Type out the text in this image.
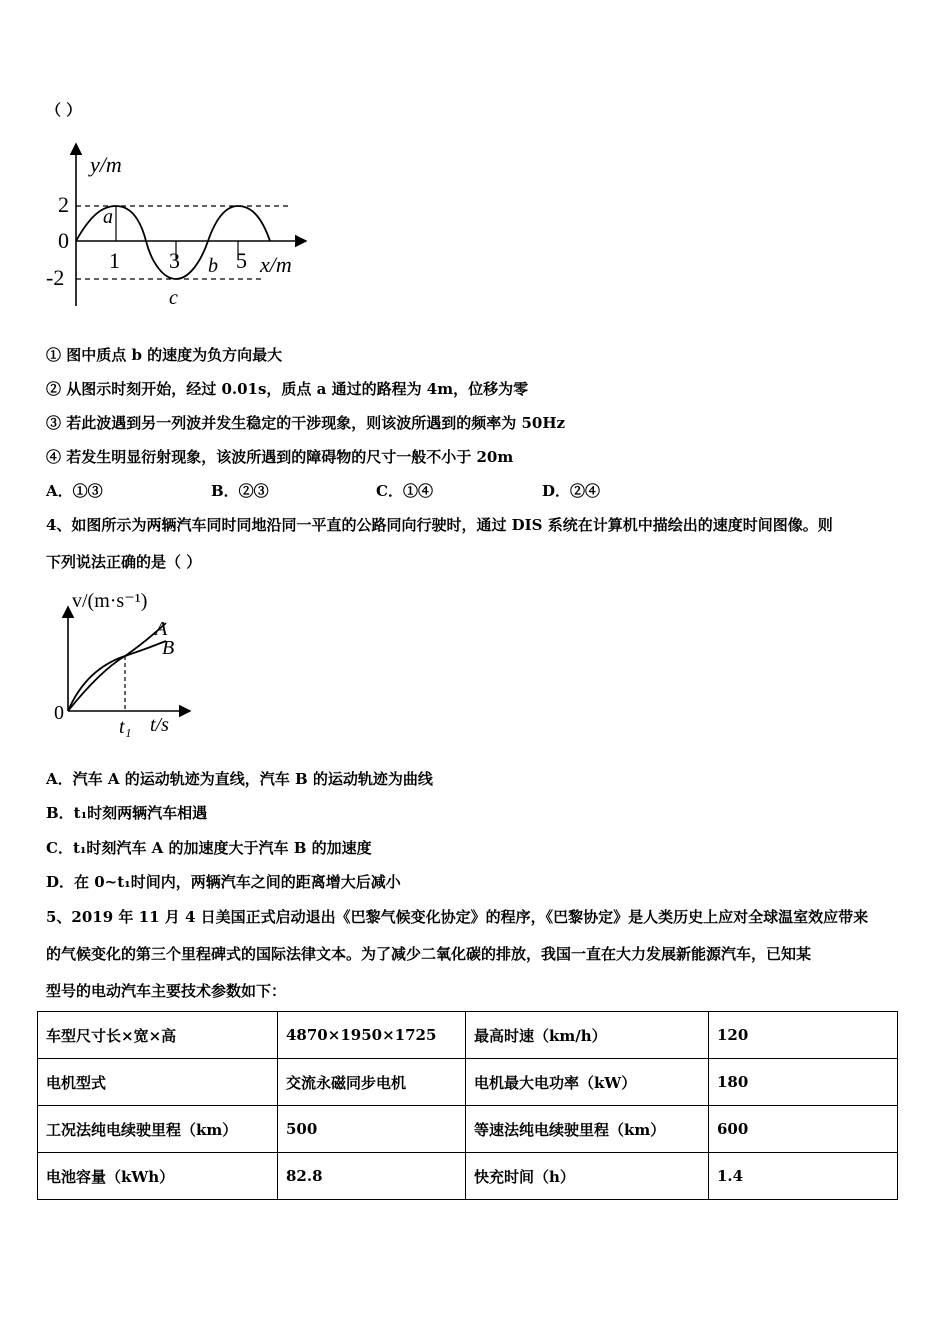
（ ）
y/m
2
0
-2
a
1 3 b 5 x/m
c
① 图中质点 b 的速度为负方向最大
② 从图示时刻开始，经过 0.01s，质点 a 通过的路程为 4m，位移为零
③ 若此波遇到另一列波并发生稳定的干涉现象，则该波所遇到的频率为 50Hz
④ 若发生明显衍射现象，该波所遇到的障碍物的尺寸一般不小于 20m
A．①③	B．②③	C．①④	D．②④
4、如图所示为两辆汽车同时同地沿同一平直的公路同向行驶时，通过 DIS 系统在计算机中描绘出的速度时间图像。则
下列说法正确的是（ ）
v/(m·s⁻¹)
A
B
0
t₁ t/s
A．汽车 A 的运动轨迹为直线，汽车 B 的运动轨迹为曲线
B．t₁时刻两辆汽车相遇
C．t₁时刻汽车 A 的加速度大于汽车 B 的加速度
D．在 0~t₁时间内，两辆汽车之间的距离增大后减小
5、2019 年 11 月 4 日美国正式启动退出《巴黎气候变化协定》的程序，《巴黎协定》是人类历史上应对全球温室效应带来
的气候变化的第三个里程碑式的国际法律文本。为了减少二氧化碳的排放，我国一直在大力发展新能源汽车，已知某
型号的电动汽车主要技术参数如下：
车型尺寸长×宽×高	4870×1950×1725	最高时速（km/h）	120
电机型式	交流永磁同步电机	电机最大电功率（kW）	180
工况法纯电续驶里程（km）	500	等速法纯电续驶里程（km）	600
电池容量（kWh）	82.8	快充时间（h）	1.4
